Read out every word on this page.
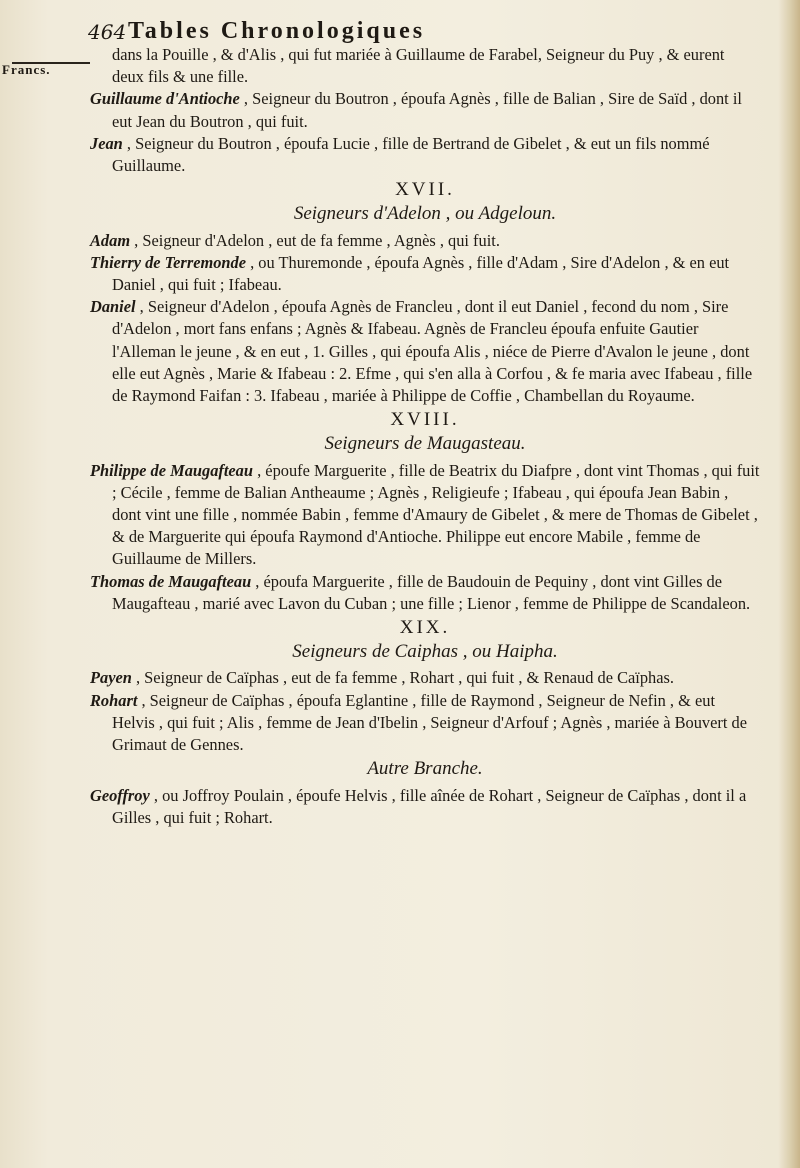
464 Tables Chronologiques
Francs.

dans la Pouille , & d'Alis , qui fut mariée à Guillaume de Farabel, Seigneur du Puy , & eurent deux fils & une fille.

Guillaume d'Antioche , Seigneur du Boutron , époufa Agnès , fille de Balian , Sire de Saïd , dont il eut Jean du Boutron , qui fuit.

Jean , Seigneur du Boutron , époufa Lucie , fille de Bertrand de Gibelet , & eut un fils nommé Guillaume.

XVII.
Seigneurs d'Adelon , ou Adgeloun.

Adam , Seigneur d'Adelon , eut de fa femme , Agnès , qui fuit.

Thierry de Terremonde , ou Thuremonde , époufa Agnès , fille d'Adam , Sire d'Adelon , & en eut Daniel , qui fuit ; Ifabeau.

Daniel , Seigneur d'Adelon , époufa Agnès de Francleu , dont il eut Daniel , fecond du nom , Sire d'Adelon , mort fans enfans ; Agnès & Ifabeau. Agnès de Francleu époufa enfuite Gautier l'Alleman le jeune , & en eut , 1. Gilles , qui époufa Alis , niéce de Pierre d'Avalon le jeune , dont elle eut Agnès , Marie & Ifabeau : 2. Efme , qui s'en alla à Corfou , & fe maria avec Ifabeau , fille de Raymond Faifan : 3. Ifabeau , mariée à Philippe de Coffie , Chambellan du Royaume.

XVIII.
Seigneurs de Maugasteau.

Philippe de Maugafteau , époufe Marguerite , fille de Beatrix du Diafpre , dont vint Thomas , qui fuit ; Cécile , femme de Balian Antheaume ; Agnès , Religieufe ; Ifabeau , qui époufa Jean Babin , dont vint une fille , nommée Babin , femme d'Amaury de Gibelet , & mere de Thomas de Gibelet , & de Marguerite qui époufa Raymond d'Antioche. Philippe eut encore Mabile , femme de Guillaume de Millers.

Thomas de Maugafteau , époufa Marguerite , fille de Baudouin de Pequiny , dont vint Gilles de Maugafteau , marié avec Lavon du Cuban ; une fille ; Lienor , femme de Philippe de Scandaleon.

XIX.
Seigneurs de Caiphas , ou Haipha.

Payen , Seigneur de Caïphas , eut de fa femme , Rohart , qui fuit , & Renaud de Caïphas.

Rohart , Seigneur de Caïphas , époufa Eglantine , fille de Raymond , Seigneur de Nefin , & eut Helvis , qui fuit ; Alis , femme de Jean d'Ibelin , Seigneur d'Arfouf ; Agnès , mariée à Bouvert de Grimaut de Gennes.

Autre Branche.

Geoffroy , ou Joffroy Poulain , époufe Helvis , fille aînée de Rohart , Seigneur de Caïphas , dont il a Gilles , qui fuit ; Rohart.
